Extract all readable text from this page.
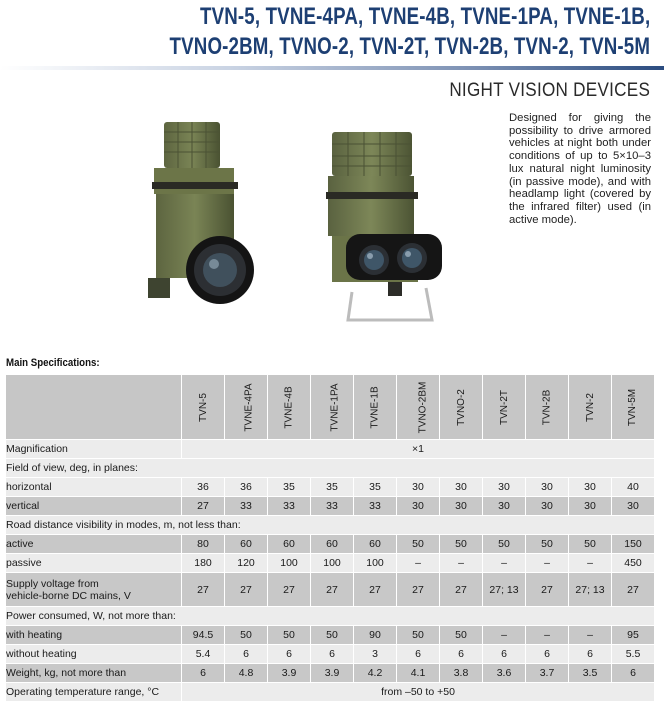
TVN-5, TVNE-4PA, TVNE-4B, TVNE-1PA, TVNE-1B,
TVNO-2BM, TVNO-2, TVN-2T, TVN-2B, TVN-2, TVN-5M
NIGHT VISION DEVICES

Designed for giving the possibility to drive armored vehicles at night both under conditions of up to 5×10–3 lux natural night luminosity (in passive mode), and with headlamp light (covered by the infrared filter) used (in active mode).

Main Specifications:
	TVN-5	TVNE-4PA	TVNE-4B	TVNE-1PA	TVNE-1B	TVNO-2BM	TVNO-2	TVN-2T	TVN-2B	TVN-2	TVN-5M
Magnification	×1										
Field of view, deg, in planes:											
horizontal	36	36	35	35	35	30	30	30	30	30	40
vertical	27	33	33	33	33	30	30	30	30	30	30
Road distance visibility in modes, m, not less than:											
active	80	60	60	60	60	50	50	50	50	50	150
passive	180	120	100	100	100	–	–	–	–	–	450
Supply voltage from
vehicle-borne DC mains, V	27	27	27	27	27	27	27	27; 13	27	27; 13	27
Power consumed, W, not more than:											
with heating	94.5	50	50	50	90	50	50	–	–	–	95
without heating	5.4	6	6	6	3	6	6	6	6	6	5.5
Weight, kg, not more than	6	4.8	3.9	3.9	4.2	4.1	3.8	3.6	3.7	3.5	6
Operating temperature range, °C	from –50 to +50										
